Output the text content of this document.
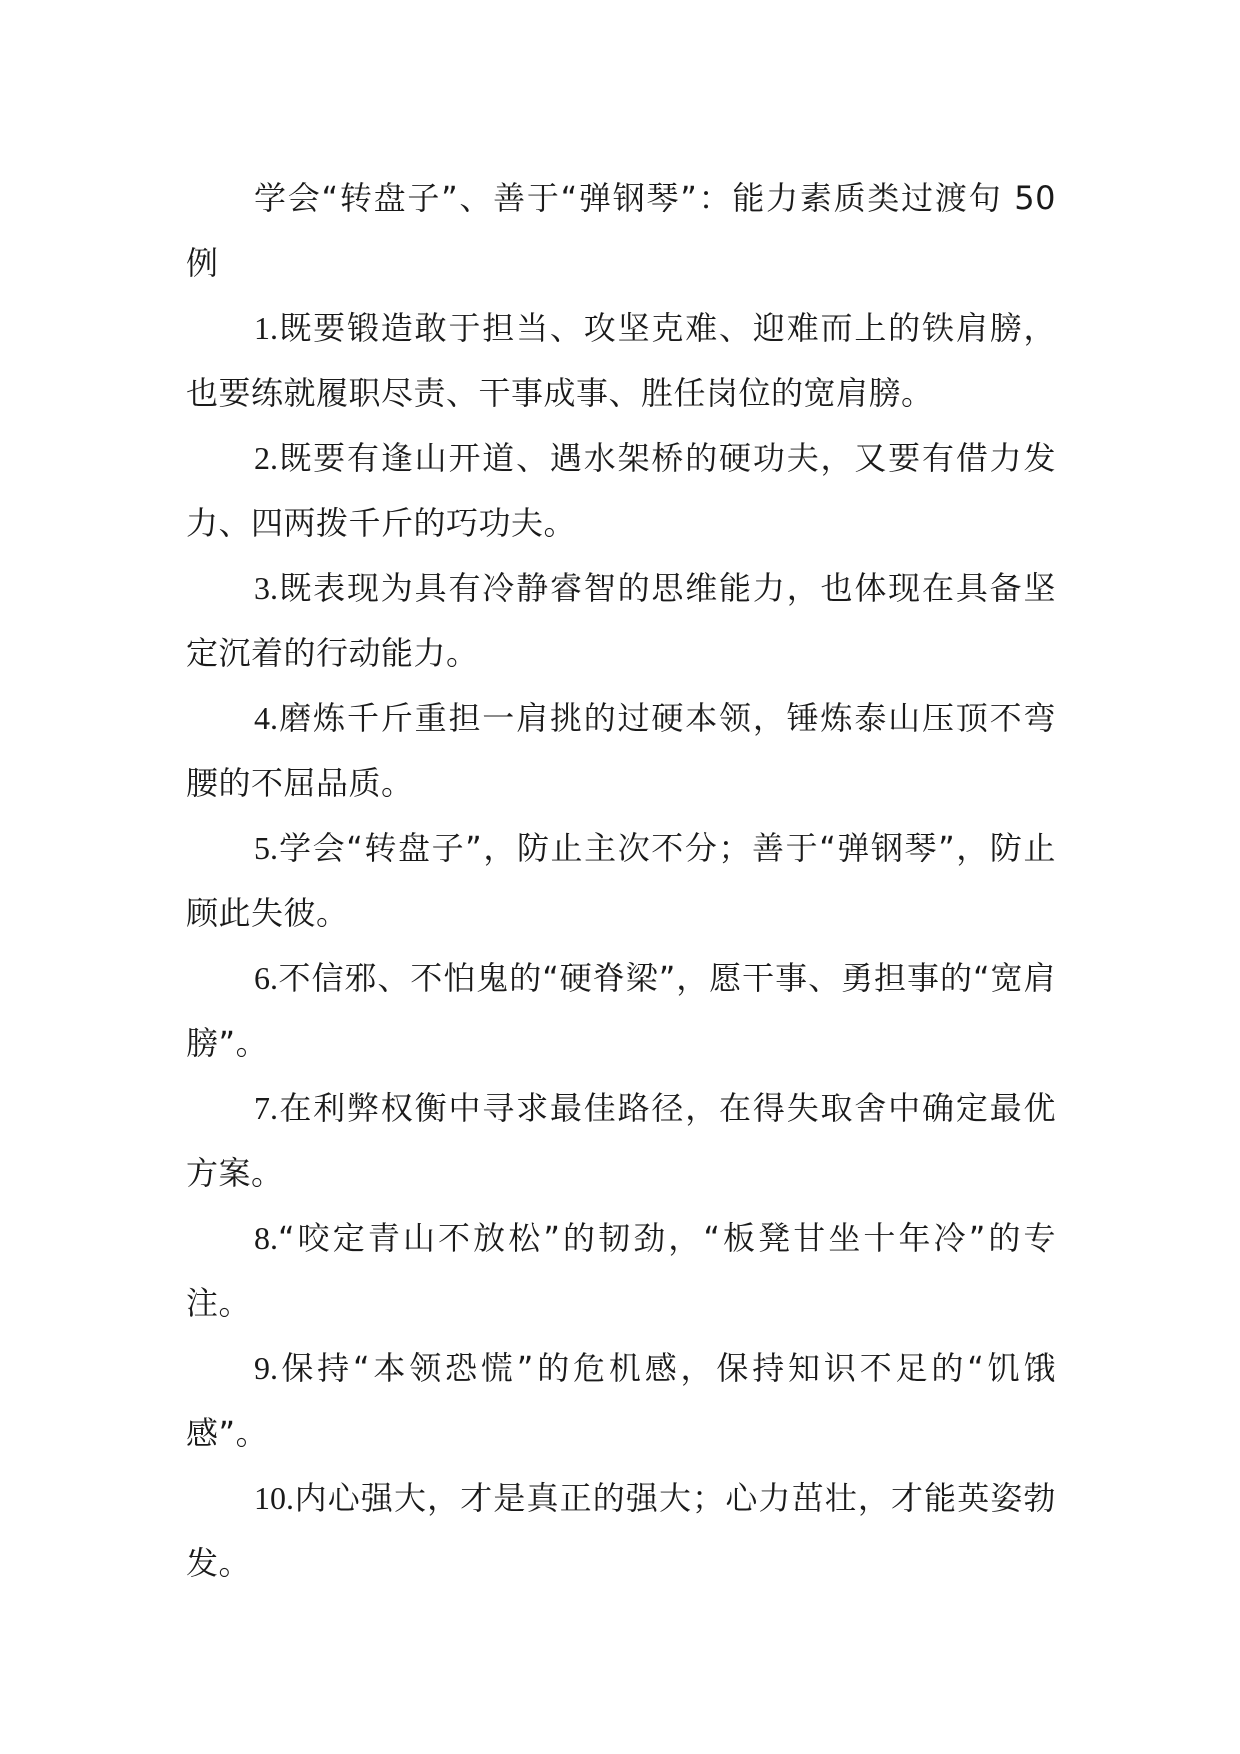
学会“转盘子”、善于“弹钢琴”：能力素质类过渡句 50 例

1.既要锻造敢于担当、攻坚克难、迎难而上的铁肩膀，也要练就履职尽责、干事成事、胜任岗位的宽肩膀。

2.既要有逢山开道、遇水架桥的硬功夫，又要有借力发力、四两拨千斤的巧功夫。

3.既表现为具有冷静睿智的思维能力，也体现在具备坚定沉着的行动能力。

4.磨炼千斤重担一肩挑的过硬本领，锤炼泰山压顶不弯腰的不屈品质。

5.学会“转盘子”，防止主次不分；善于“弹钢琴”，防止顾此失彼。

6.不信邪、不怕鬼的“硬脊梁”，愿干事、勇担事的“宽肩膀”。

7.在利弊权衡中寻求最佳路径，在得失取舍中确定最优方案。

8.“咬定青山不放松”的韧劲，“板凳甘坐十年冷”的专注。

9.保持“本领恐慌”的危机感，保持知识不足的“饥饿感”。

10.内心强大，才是真正的强大；心力茁壮，才能英姿勃发。
